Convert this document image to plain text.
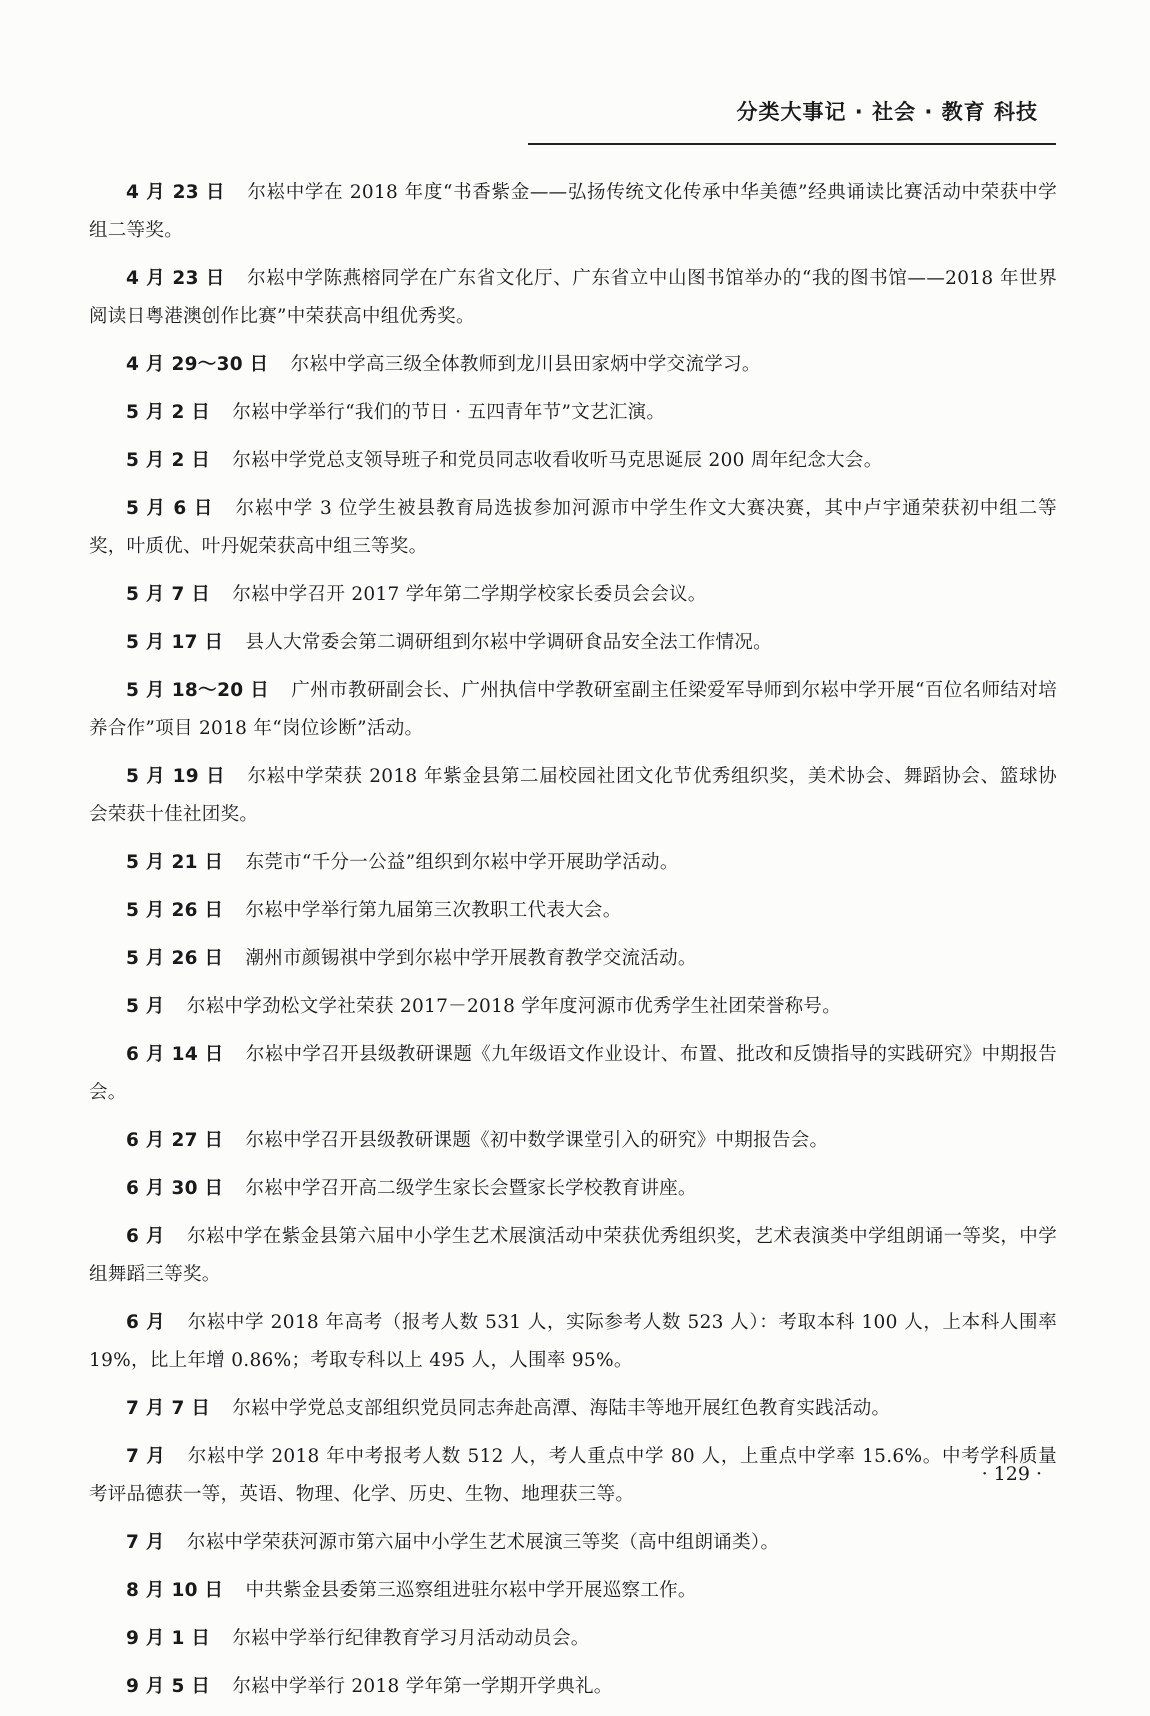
分类大事记 · 社会 · 教育 科技

4 月 23 日 尔崧中学在 2018 年度“书香紫金——弘扬传统文化传承中华美德”经典诵读比赛活动中荣获中学组二等奖。

4 月 23 日 尔崧中学陈燕榕同学在广东省文化厅、广东省立中山图书馆举办的“我的图书馆——2018 年世界阅读日粤港澳创作比赛”中荣获高中组优秀奖。

4 月 29～30 日 尔崧中学高三级全体教师到龙川县田家炳中学交流学习。

5 月 2 日 尔崧中学举行“我们的节日 · 五四青年节”文艺汇演。

5 月 2 日 尔崧中学党总支领导班子和党员同志收看收听马克思诞辰 200 周年纪念大会。

5 月 6 日 尔崧中学 3 位学生被县教育局选拔参加河源市中学生作文大赛决赛，其中卢宇通荣获初中组二等奖，叶质优、叶丹妮荣获高中组三等奖。

5 月 7 日 尔崧中学召开 2017 学年第二学期学校家长委员会会议。

5 月 17 日 县人大常委会第二调研组到尔崧中学调研食品安全法工作情况。

5 月 18～20 日 广州市教研副会长、广州执信中学教研室副主任梁爱军导师到尔崧中学开展“百位名师结对培养合作”项目 2018 年“岗位诊断”活动。

5 月 19 日 尔崧中学荣获 2018 年紫金县第二届校园社团文化节优秀组织奖，美术协会、舞蹈协会、篮球协会荣获十佳社团奖。

5 月 21 日 东莞市“千分一公益”组织到尔崧中学开展助学活动。

5 月 26 日 尔崧中学举行第九届第三次教职工代表大会。

5 月 26 日 潮州市颜锡祺中学到尔崧中学开展教育教学交流活动。

5 月 尔崧中学劲松文学社荣获 2017－2018 学年度河源市优秀学生社团荣誉称号。

6 月 14 日 尔崧中学召开县级教研课题《九年级语文作业设计、布置、批改和反馈指导的实践研究》中期报告会。

6 月 27 日 尔崧中学召开县级教研课题《初中数学课堂引入的研究》中期报告会。

6 月 30 日 尔崧中学召开高二级学生家长会暨家长学校教育讲座。

6 月 尔崧中学在紫金县第六届中小学生艺术展演活动中荣获优秀组织奖，艺术表演类中学组朗诵一等奖，中学组舞蹈三等奖。

6 月 尔崧中学 2018 年高考（报考人数 531 人，实际参考人数 523 人）：考取本科 100 人，上本科人围率 19%，比上年增 0.86%；考取专科以上 495 人，人围率 95%。

7 月 7 日 尔崧中学党总支部组织党员同志奔赴高潭、海陆丰等地开展红色教育实践活动。

7 月 尔崧中学 2018 年中考报考人数 512 人，考人重点中学 80 人，上重点中学率 15.6%。中考学科质量考评品德获一等，英语、物理、化学、历史、生物、地理获三等。

7 月 尔崧中学荣获河源市第六届中小学生艺术展演三等奖（高中组朗诵类）。

8 月 10 日 中共紫金县委第三巡察组进驻尔崧中学开展巡察工作。

9 月 1 日 尔崧中学举行纪律教育学习月活动动员会。

9 月 5 日 尔崧中学举行 2018 学年第一学期开学典礼。

· 129 ·
